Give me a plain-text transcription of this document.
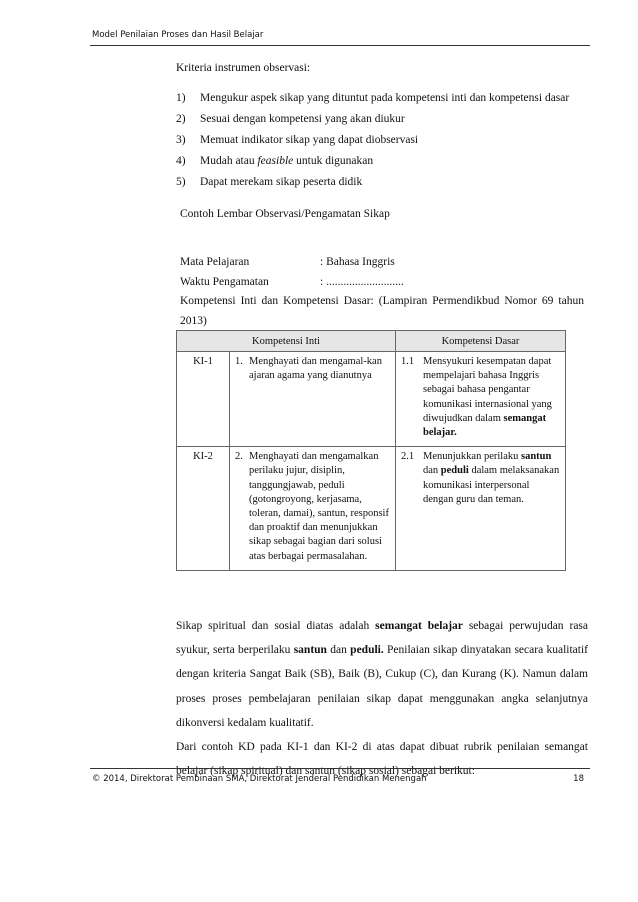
Model Penilaian Proses dan Hasil Belajar
Kriteria instrumen observasi:
1)	Mengukur aspek sikap yang dituntut pada kompetensi inti dan kompetensi dasar
2)	Sesuai dengan kompetensi yang akan diukur
3)	Memuat indikator sikap yang dapat diobservasi
4)	Mudah atau feasible untuk digunakan
5)	Dapat merekam sikap peserta didik
Contoh Lembar Observasi/Pengamatan Sikap
Mata Pelajaran	: Bahasa Inggris
Waktu Pengamatan	: ...........................
Kompetensi Inti dan Kompetensi Dasar: (Lampiran Permendikbud Nomor 69 tahun 2013)
Kompetensi Inti		Kompetensi Dasar
KI-1	1. Menghayati dan mengamal-kan ajaran agama yang dianutnya	1.1 Mensyukuri kesempatan dapat mempelajari bahasa Inggris sebagai bahasa pengantar komunikasi internasional yang diwujudkan dalam semangat belajar.

KI-2	2. Menghayati dan mengamalkan perilaku jujur, disiplin, tanggungjawab, peduli (gotongroyong, kerjasama, toleran, damai), santun, responsif dan proaktif dan menunjukkan sikap sebagai bagian dari solusi atas berbagai permasalahan.	2.1 Menunjukkan perilaku santun dan peduli dalam melaksanakan komunikasi interpersonal dengan guru dan teman.

Sikap spiritual dan sosial diatas adalah semangat belajar sebagai perwujudan rasa syukur, serta berperilaku santun dan peduli. Penilaian sikap dinyatakan secara kualitatif dengan kriteria Sangat Baik (SB), Baik (B), Cukup (C), dan Kurang (K). Namun dalam proses proses pembelajaran penilaian sikap dapat menggunakan angka selanjutnya dikonversi kedalam kualitatif.

Dari contoh KD pada KI-1 dan KI-2 di atas dapat dibuat rubrik penilaian semangat belajar (sikap spiritual) dan santun (sikap sosial) sebagai berikut:

© 2014, Direktorat Pembinaan SMA, Direktorat Jenderal Pendidikan Menengah	18
